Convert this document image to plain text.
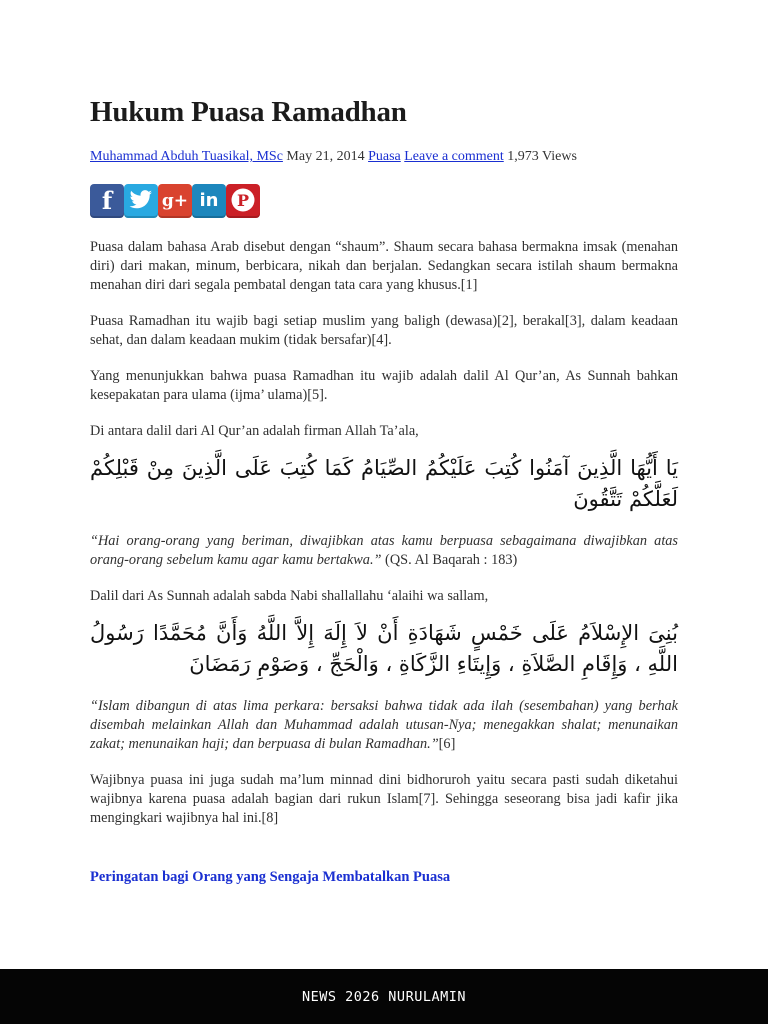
Hukum Puasa Ramadhan
Muhammad Abduh Tuasikal, MSc May 21, 2014 Puasa Leave a comment 1,973 Views
f	g+ in P

Puasa dalam bahasa Arab disebut dengan “shaum”. Shaum secara bahasa bermakna imsak (menahan diri) dari makan, minum, berbicara, nikah dan berjalan. Sedangkan secara istilah shaum bermakna menahan diri dari segala pembatal dengan tata cara yang khusus.[1]

Puasa Ramadhan itu wajib bagi setiap muslim yang baligh (dewasa)[2], berakal[3], dalam keadaan sehat, dan dalam keadaan mukim (tidak bersafar)[4].

Yang menunjukkan bahwa puasa Ramadhan itu wajib adalah dalil Al Qur’an, As Sunnah bahkan kesepakatan para ulama (ijma’ ulama)[5].

Di antara dalil dari Al Qur’an adalah firman Allah Ta’ala,

يَا أَيُّهَا الَّذِينَ آمَنُوا كُتِبَ عَلَيْكُمُ الصِّيَامُ كَمَا كُتِبَ عَلَى الَّذِينَ مِنْ قَبْلِكُمْ لَعَلَّكُمْ تَتَّقُونَ

“Hai orang-orang yang beriman, diwajibkan atas kamu berpuasa sebagaimana diwajibkan atas orang-orang sebelum kamu agar kamu bertakwa.” (QS. Al Baqarah : 183)

Dalil dari As Sunnah adalah sabda Nabi shallallahu ‘alaihi wa sallam,

بُنِىَ الإِسْلاَمُ عَلَى خَمْسٍ شَهَادَةِ أَنْ لاَ إِلَهَ إِلاَّ اللَّهُ وَأَنَّ مُحَمَّدًا رَسُولُ اللَّهِ ، وَإِقَامِ الصَّلاَةِ ، وَإِيتَاءِ الزَّكَاةِ ، وَالْحَجِّ ، وَصَوْمِ رَمَضَانَ

“Islam dibangun di atas lima perkara: bersaksi bahwa tidak ada ilah (sesembahan) yang berhak disembah melainkan Allah dan Muhammad adalah utusan-Nya; menegakkan shalat; menunaikan zakat; menunaikan haji; dan berpuasa di bulan Ramadhan.”[6]

Wajibnya puasa ini juga sudah ma’lum minnad dini bidhoruroh yaitu secara pasti sudah diketahui wajibnya karena puasa adalah bagian dari rukun Islam[7]. Sehingga seseorang bisa jadi kafir jika mengingkari wajibnya hal ini.[8]

Peringatan bagi Orang yang Sengaja Membatalkan Puasa
NEWS 2026 NURULAMIN
